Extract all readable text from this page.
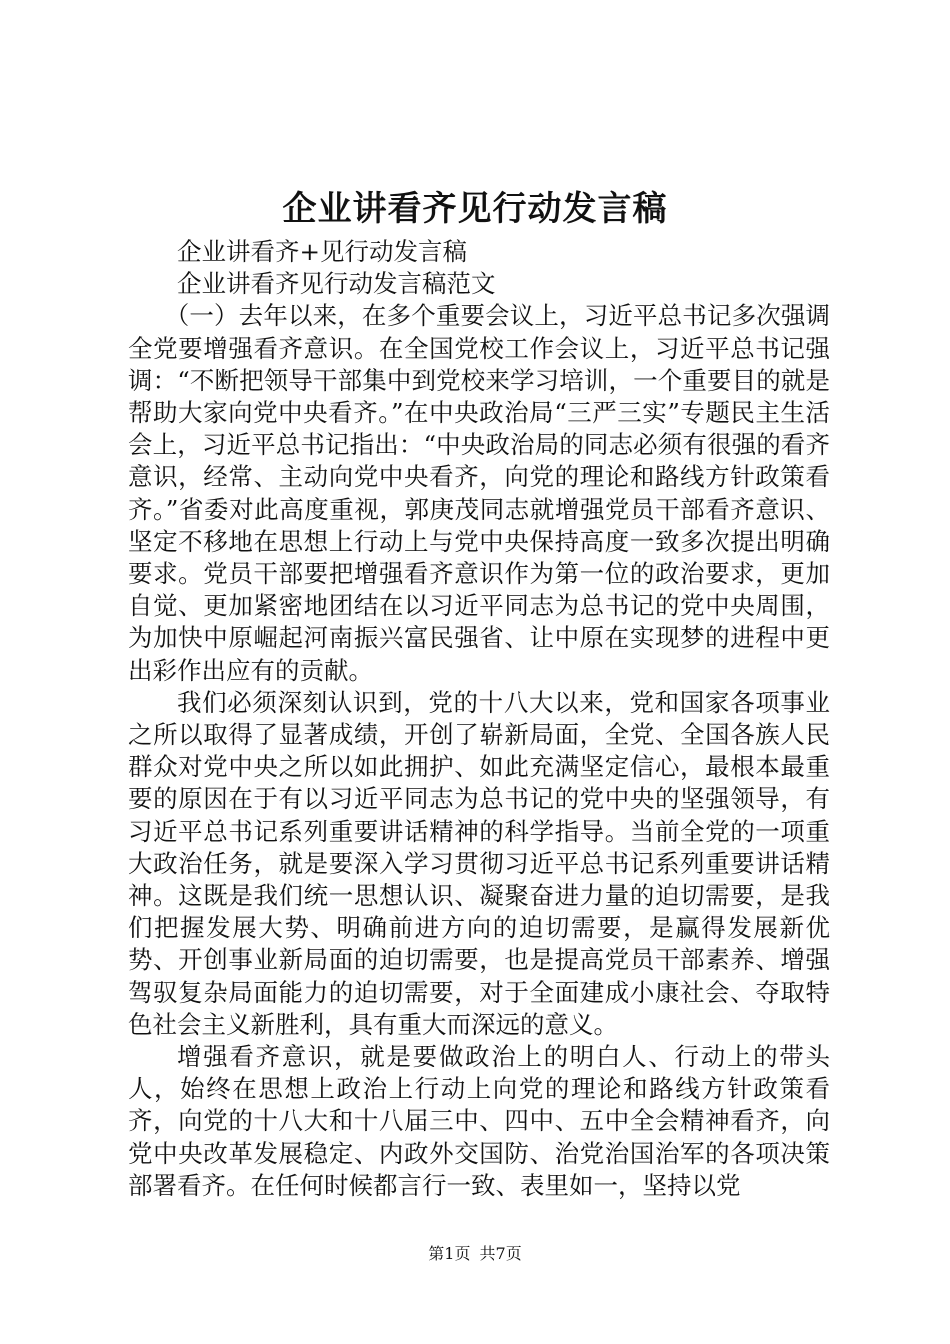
企业讲看齐见行动发言稿

企业讲看齐+见行动发言稿

企业讲看齐见行动发言稿范文

（一）去年以来，在多个重要会议上，习近平总书记多次强调全党要增强看齐意识。在全国党校工作会议上，习近平总书记强调：“不断把领导干部集中到党校来学习培训，一个重要目的就是帮助大家向党中央看齐。”在中央政治局“三严三实”专题民主生活会上，习近平总书记指出：“中央政治局的同志必须有很强的看齐意识，经常、主动向党中央看齐，向党的理论和路线方针政策看齐。”省委对此高度重视，郭庚茂同志就增强党员干部看齐意识、坚定不移地在思想上行动上与党中央保持高度一致多次提出明确要求。党员干部要把增强看齐意识作为第一位的政治要求，更加自觉、更加紧密地团结在以习近平同志为总书记的党中央周围，为加快中原崛起河南振兴富民强省、让中原在实现梦的进程中更出彩作出应有的贡献。

我们必须深刻认识到，党的十八大以来，党和国家各项事业之所以取得了显著成绩，开创了崭新局面，全党、全国各族人民群众对党中央之所以如此拥护、如此充满坚定信心，最根本最重要的原因在于有以习近平同志为总书记的党中央的坚强领导，有习近平总书记系列重要讲话精神的科学指导。当前全党的一项重大政治任务，就是要深入学习贯彻习近平总书记系列重要讲话精神。这既是我们统一思想认识、凝聚奋进力量的迫切需要，是我们把握发展大势、明确前进方向的迫切需要，是赢得发展新优势、开创事业新局面的迫切需要，也是提高党员干部素养、增强驾驭复杂局面能力的迫切需要，对于全面建成小康社会、夺取特色社会主义新胜利，具有重大而深远的意义。

增强看齐意识，就是要做政治上的明白人、行动上的带头人，始终在思想上政治上行动上向党的理论和路线方针政策看齐，向党的十八大和十八届三中、四中、五中全会精神看齐，向党中央改革发展稳定、内政外交国防、治党治国治军的各项决策部署看齐。在任何时候都言行一致、表里如一，坚持以党

第1页 共7页
